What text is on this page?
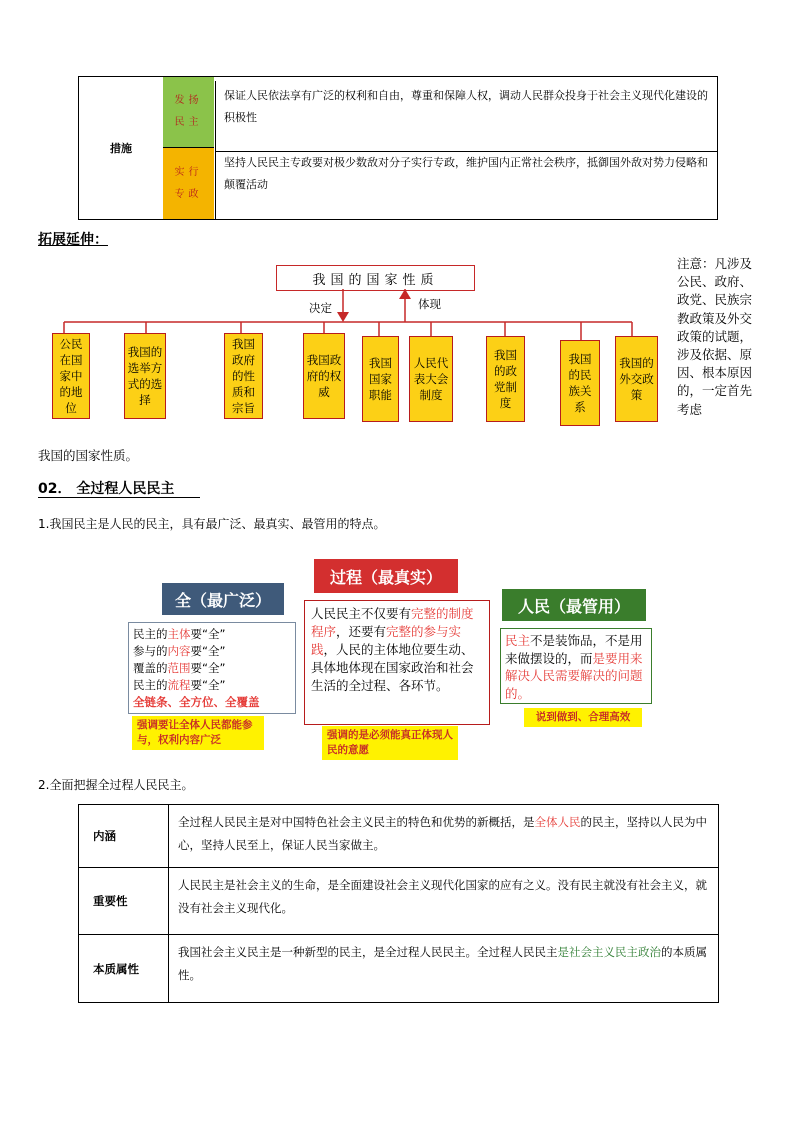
措施
发扬
民主
保证人民依法享有广泛的权利和自由，尊重和保障人权，调动人民群众投身于社会主义现代化建设的积极性
实行
专政
坚持人民民主专政要对极少数敌对分子实行专政，维护国内正常社会秩序，抵御国外敌对势力侵略和颠覆活动
拓展延伸：
我国的国家性质
决定	体现
公民在国家中的地位
我国的选举方式的选择
我国政府的性质和宗旨
我国政府的权威
我国国家职能
人民代表大会制度
我国的政党制度
我国的民族关系
我国的外交政策
注意：凡涉及公民、政府、政党、民族宗教政策及外交政策的试题，涉及依据、原因、根本原因的，一定首先考虑
我国的国家性质。
02． 全过程人民民主
1.我国民主是人民的民主，具有最广泛、最真实、最管用的特点。
全（最广泛）
民主的主体要“全”
参与的内容要“全”
覆盖的范围要“全”
民主的流程要“全”
全链条、全方位、全覆盖
强调要让全体人民都能参与，权利内容广泛
过程（最真实）
人民民主不仅要有完整的制度程序，还要有完整的参与实践，人民的主体地位要生动、具体地体现在国家政治和社会生活的全过程、各环节。
强调的是必须能真正体现人民的意愿
人民（最管用）
民主不是装饰品，不是用来做摆设的，而是要用来解决人民需要解决的问题的。
说到做到、合理高效
2.全面把握全过程人民民主。
内涵
全过程人民民主是对中国特色社会主义民主的特色和优势的新概括，是全体人民的民主，坚持以人民为中心，坚持人民至上，保证人民当家做主。
重要性
人民民主是社会主义的生命，是全面建设社会主义现代化国家的应有之义。没有民主就没有社会主义，就没有社会主义现代化。
本质属性
我国社会主义民主是一种新型的民主，是全过程人民民主。全过程人民民主是社会主义民主政治的本质属性。
